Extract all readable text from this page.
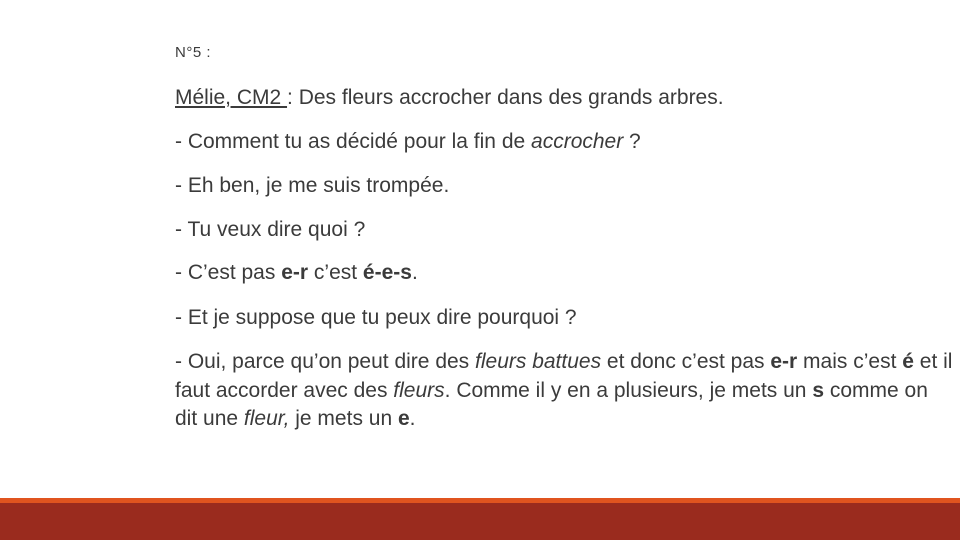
N°5 :
Mélie, CM2 : Des fleurs accrocher dans des grands arbres.
- Comment tu as décidé pour la fin de accrocher ?
- Eh ben, je me suis trompée.
- Tu veux dire quoi ?
- C’est pas e-r c’est é-e-s.
- Et je suppose que tu peux dire pourquoi ?
- Oui, parce qu’on peut dire des fleurs battues et donc c’est pas e-r mais c’est é et il faut accorder avec des fleurs. Comme il y en a plusieurs, je mets un s comme on dit une fleur, je mets un e.
